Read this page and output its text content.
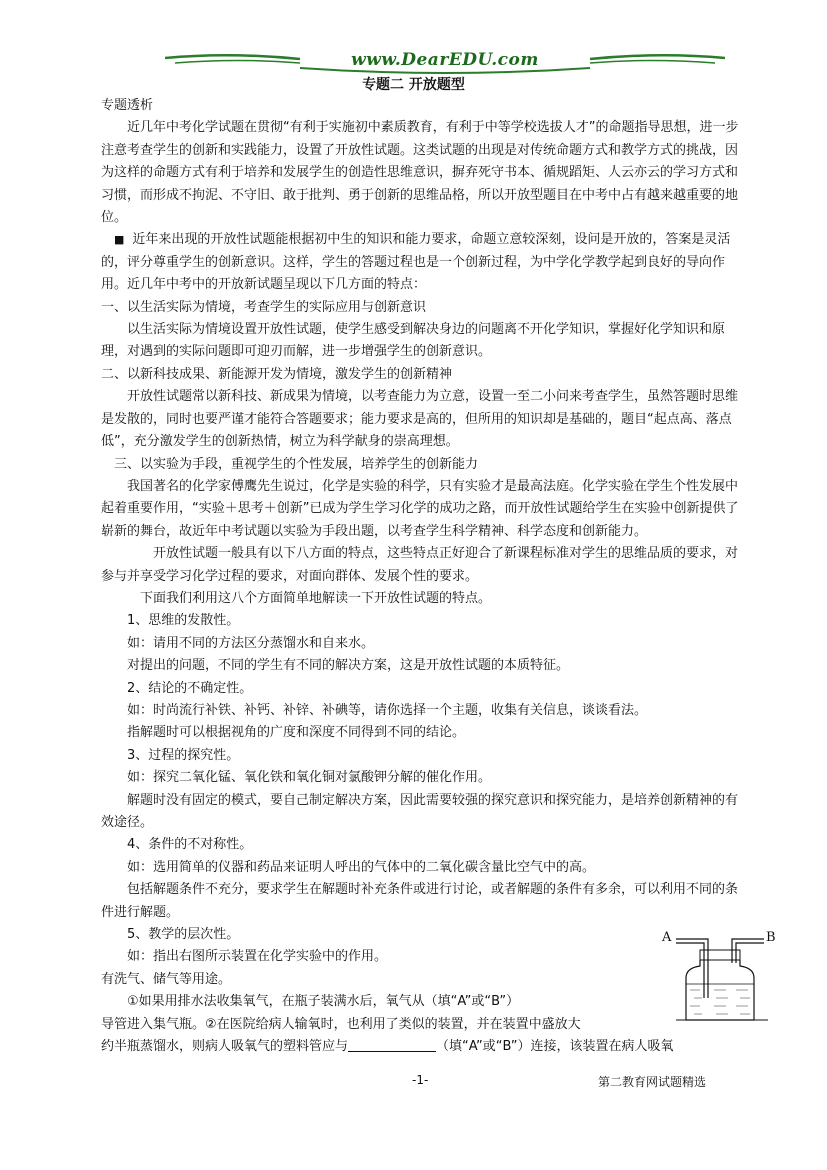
www.DearEDU.com
专题二 开放题型

专题透析

近几年中考化学试题在贯彻“有利于实施初中素质教育，有利于中等学校选拔人才”的命题指导思想，进一步注意考查学生的创新和实践能力，设置了开放性试题。这类试题的出现是对传统命题方式和教学方式的挑战，因为这样的命题方式有利于培养和发展学生的创造性思维意识，摒弃死守书本、循规蹈矩、人云亦云的学习方式和习惯，而形成不拘泥、不守旧、敢于批判、勇于创新的思维品格，所以开放型题目在中考中占有越来越重要的地位。

■ 近年来出现的开放性试题能根据初中生的知识和能力要求，命题立意较深刻，设问是开放的，答案是灵活的，评分尊重学生的创新意识。这样，学生的答题过程也是一个创新过程，为中学化学教学起到良好的导向作用。近几年中考中的开放新试题呈现以下几方面的特点：

一、以生活实际为情境，考查学生的实际应用与创新意识

以生活实际为情境设置开放性试题，使学生感受到解决身边的问题离不开化学知识，掌握好化学知识和原理，对遇到的实际问题即可迎刃而解，进一步增强学生的创新意识。

二、以新科技成果、新能源开发为情境，激发学生的创新精神

开放性试题常以新科技、新成果为情境，以考查能力为立意，设置一至二小问来考查学生，虽然答题时思维是发散的，同时也要严谨才能符合答题要求；能力要求是高的，但所用的知识却是基础的，题目“起点高、落点低”，充分激发学生的创新热情，树立为科学献身的崇高理想。

三、以实验为手段，重视学生的个性发展，培养学生的创新能力

我国著名的化学家傅鹰先生说过，化学是实验的科学，只有实验才是最高法庭。化学实验在学生个性发展中起着重要作用，“实验＋思考＋创新”已成为学生学习化学的成功之路，而开放性试题给学生在实验中创新提供了崭新的舞台，故近年中考试题以实验为手段出题，以考查学生科学精神、科学态度和创新能力。

开放性试题一般具有以下八方面的特点，这些特点正好迎合了新课程标准对学生的思维品质的要求，对参与并享受学习化学过程的要求，对面向群体、发展个性的要求。

下面我们利用这八个方面简单地解读一下开放性试题的特点。

1、思维的发散性。

如：请用不同的方法区分蒸馏水和自来水。

对提出的问题，不同的学生有不同的解决方案，这是开放性试题的本质特征。

2、结论的不确定性。

如：时尚流行补铁、补钙、补锌、补碘等，请你选择一个主题，收集有关信息，谈谈看法。

指解题时可以根据视角的广度和深度不同得到不同的结论。

3、过程的探究性。

如：探究二氧化锰、氧化铁和氧化铜对氯酸钾分解的催化作用。

解题时没有固定的模式，要自己制定解决方案，因此需要较强的探究意识和探究能力，是培养创新精神的有效途径。

4、条件的不对称性。

如：选用简单的仪器和药品来证明人呼出的气体中的二氧化碳含量比空气中的高。

包括解题条件不充分，要求学生在解题时补充条件或进行讨论，或者解题的条件有多余，可以利用不同的条件进行解题。

5、教学的层次性。

如：指出右图所示装置在化学实验中的作用。

有洗气、储气等用途。

①如果用排水法收集氧气，在瓶子装满水后，氧气从（填“A”或“B”）

导管进入集气瓶。②在医院给病人输氧时，也利用了类似的装置，并在装置中盛放大

约半瓶蒸馏水，则病人吸氧气的塑料管应与	（填“A”或“B”）连接，该装置在病人吸氧

A	B
-1-	第二教育网试题精选
